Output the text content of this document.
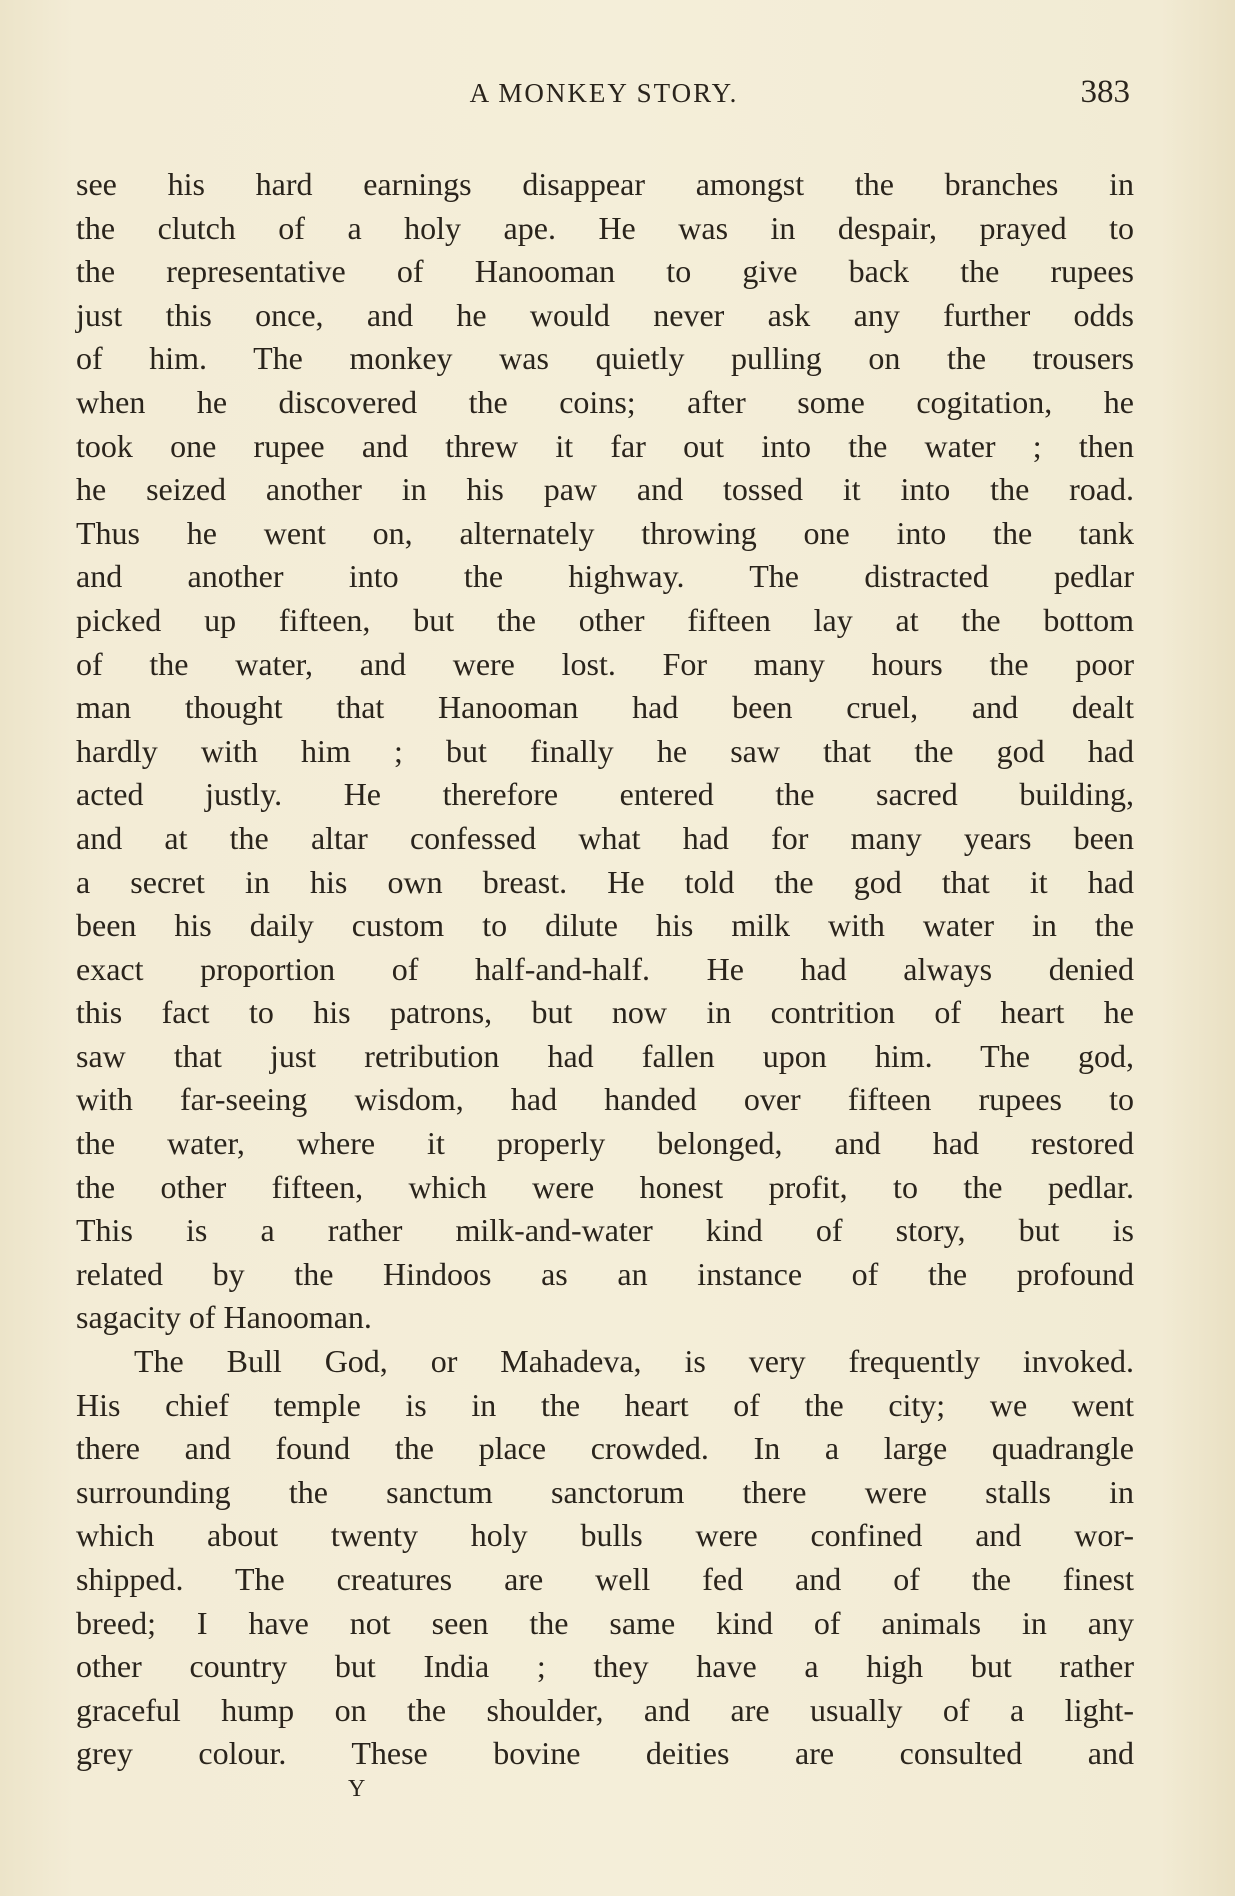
A MONKEY STORY.	383
see his hard earnings disappear amongst the branches in
the clutch of a holy ape. He was in despair, prayed to
the representative of Hanooman to give back the rupees
just this once, and he would never ask any further odds
of him. The monkey was quietly pulling on the trousers
when he discovered the coins; after some cogitation, he
took one rupee and threw it far out into the water ; then
he seized another in his paw and tossed it into the road.
Thus he went on, alternately throwing one into the tank
and another into the highway. The distracted pedlar
picked up fifteen, but the other fifteen lay at the bottom
of the water, and were lost. For many hours the poor
man thought that Hanooman had been cruel, and dealt
hardly with him ; but finally he saw that the god had
acted justly. He therefore entered the sacred building,
and at the altar confessed what had for many years been
a secret in his own breast. He told the god that it had
been his daily custom to dilute his milk with water in the
exact proportion of half-and-half. He had always denied
this fact to his patrons, but now in contrition of heart he
saw that just retribution had fallen upon him. The god,
with far-seeing wisdom, had handed over fifteen rupees to
the water, where it properly belonged, and had restored
the other fifteen, which were honest profit, to the pedlar.
This is a rather milk-and-water kind of story, but is
related by the Hindoos as an instance of the profound
sagacity of Hanooman.
The Bull God, or Mahadeva, is very frequently invoked.
His chief temple is in the heart of the city; we went
there and found the place crowded. In a large quadrangle
surrounding the sanctum sanctorum there were stalls in
which about twenty holy bulls were confined and wor-
shipped. The creatures are well fed and of the finest
breed; I have not seen the same kind of animals in any
other country but India ; they have a high but rather
graceful hump on the shoulder, and are usually of a light-
grey colour. These bovine deities are consulted and
Y
